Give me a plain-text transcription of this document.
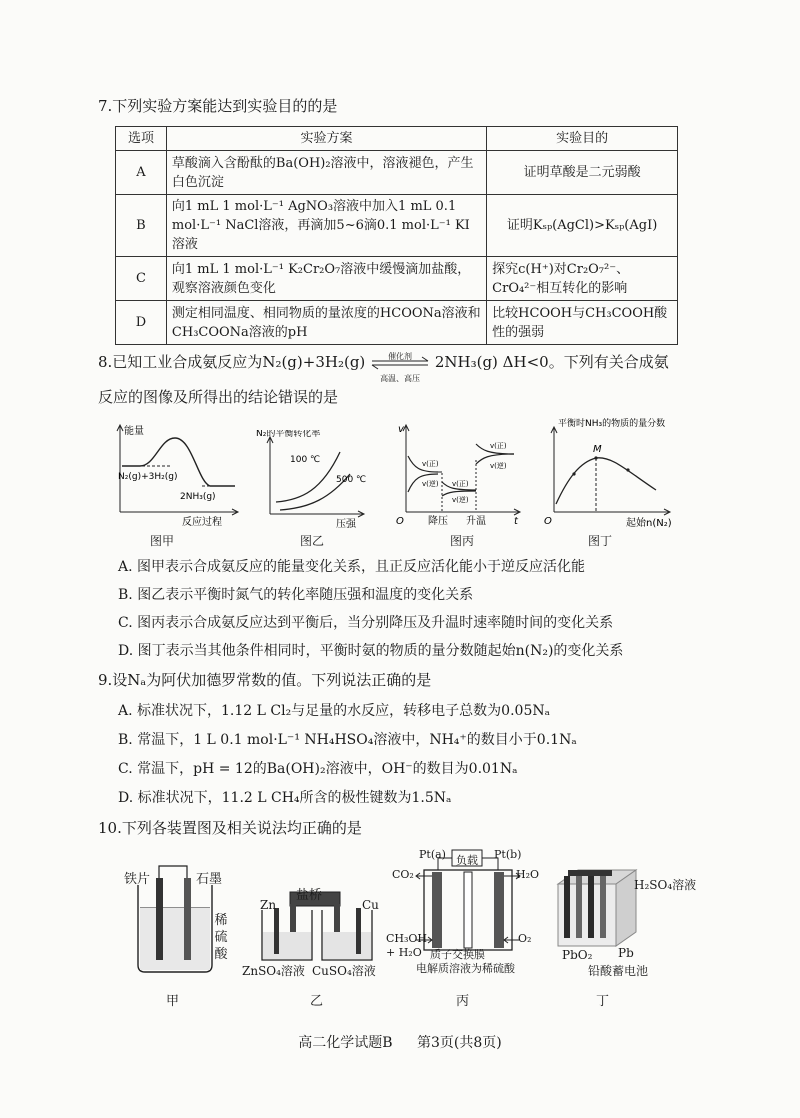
7.下列实验方案能达到实验目的的是
选项	实验方案	实验目的
A	草酸滴入含酚酞的Ba(OH)₂溶液中，溶液褪色，产生白色沉淀	证明草酸是二元弱酸
B	向1 mL 1 mol·L⁻¹ AgNO₃溶液中加入1 mL 0.1 mol·L⁻¹ NaCl溶液，再滴加5~6滴0.1 mol·L⁻¹ KI溶液	证明Kₛₚ(AgCl)>Kₛₚ(AgI)
C	向1 mL 1 mol·L⁻¹ K₂Cr₂O₇溶液中缓慢滴加盐酸，观察溶液颜色变化	探究c(H⁺)对Cr₂O₇²⁻、CrO₄²⁻相互转化的影响
D	测定相同温度、相同物质的量浓度的HCOONa溶液和CH₃COONa溶液的pH	比较HCOOH与CH₃COOH酸性的强弱
8.已知工业合成氨反应为N₂(g)+3H₂(g)	催化剂
高温、高压
2NH₃(g) ΔH<0。下列有关合成氨
反应的图像及所得出的结论错误的是
能量
N₂(g)+3H₂(g)
2NH₃(g)
反应过程
图甲
N₂的平衡转化率
100 ℃
500 ℃
压强
图乙
v
O	t
v(正)
v(逆) v(正)
v(逆)
v(正)
v(逆)
降压 升温
图丙
平衡时NH₃的物质的量分数
M
O	起始n(N₂)
图丁
A. 图甲表示合成氨反应的能量变化关系，且正反应活化能小于逆反应活化能
B. 图乙表示平衡时氮气的转化率随压强和温度的变化关系
C. 图丙表示合成氨反应达到平衡后，当分别降压及升温时速率随时间的变化关系
D. 图丁表示当其他条件相同时，平衡时氨的物质的量分数随起始n(N₂)的变化关系
9.设Nₐ为阿伏加德罗常数的值。下列说法正确的是
A. 标准状况下，1.12 L Cl₂与足量的水反应，转移电子总数为0.05Nₐ
B. 常温下，1 L 0.1 mol·L⁻¹ NH₄HSO₄溶液中，NH₄⁺的数目小于0.1Nₐ
C. 常温下，pH = 12的Ba(OH)₂溶液中，OH⁻的数目为0.01Nₐ
D. 标准状况下，11.2 L CH₄所含的极性键数为1.5Nₐ
10.下列各装置图及相关说法均正确的是
铁片	石墨
稀硫酸
甲
盐桥
Zn	Cu
ZnSO₄溶液 CuSO₄溶液
乙
Pt(a)	Pt(b)
负载
CO₂	H₂O
CH₃OH
+ H₂O
O₂
质子交换膜
电解质溶液为稀硫酸
丙
H₂SO₄溶液
PbO₂ Pb
铅酸蓄电池
丁
高二化学试题B 第3页(共8页)
